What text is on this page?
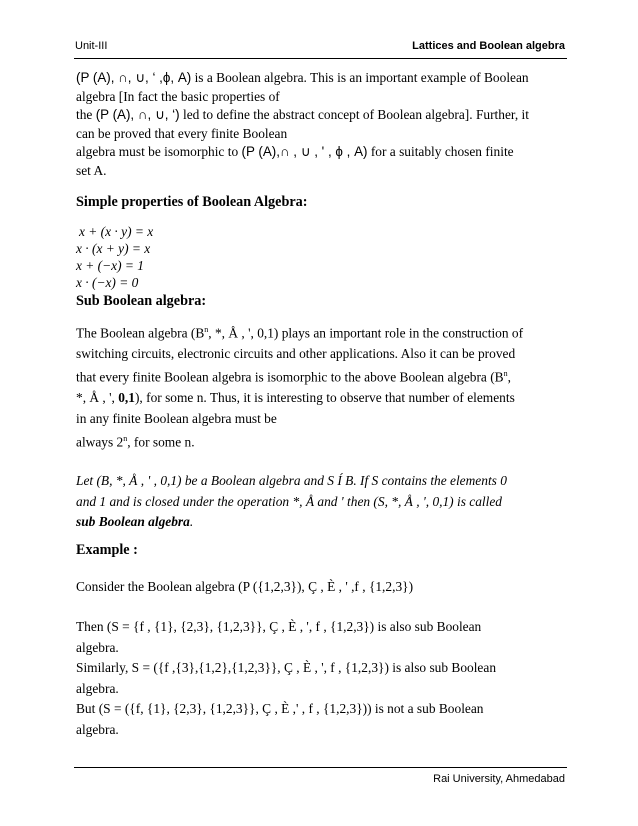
Unit-III	Lattices and Boolean algebra

(P (A), ∩, ∪, ‘ ,ϕ, A) is a Boolean algebra. This is an important example of Boolean

algebra [In fact the basic properties of

the (P (A), ∩, ∪, ‘) led to define the abstract concept of Boolean algebra]. Further, it

can be proved that every finite Boolean

algebra must be isomorphic to (P (A),∩ , ∪ , ' , ϕ , A) for a suitably chosen finite

set A.

Simple properties of Boolean Algebra:

x + (x · y) = x

x · (x + y) = x

x + (−x) = 1

x · (−x) = 0

Sub Boolean algebra:

The Boolean algebra ($B^n$, *, Å , ', 0,1) plays an important role in the construction of

switching circuits, electronic circuits and other applications. Also it can be proved

that every finite Boolean algebra is isomorphic to the above Boolean algebra ($B^n$,

*, Å , ', 0,1), for some n. Thus, it is interesting to observe that number of elements

in any finite Boolean algebra must be

always 2$^n$, for some n.

Let (B, *, Å , ' , 0,1) be a Boolean algebra and S Í B. If S contains the elements 0

and 1 and is closed under the operation *, Å and ' then (S, *, Å , ', 0,1) is called

sub Boolean algebra.

Example :

Consider the Boolean algebra (P ({1,2,3}), Ç , È , ' ,f , {1,2,3})

Then (S = {f , {1}, {2,3}, {1,2,3}}, Ç , È , ', f , {1,2,3}) is also sub Boolean

algebra.

Similarly, S = ({f ,{3},{1,2},{1,2,3}}, Ç , È , ', f , {1,2,3}) is also sub Boolean

algebra.

But (S = ({f, {1}, {2,3}, {1,2,3}}, Ç , È ,' , f , {1,2,3})) is not a sub Boolean

algebra.

Rai University, Ahmedabad
